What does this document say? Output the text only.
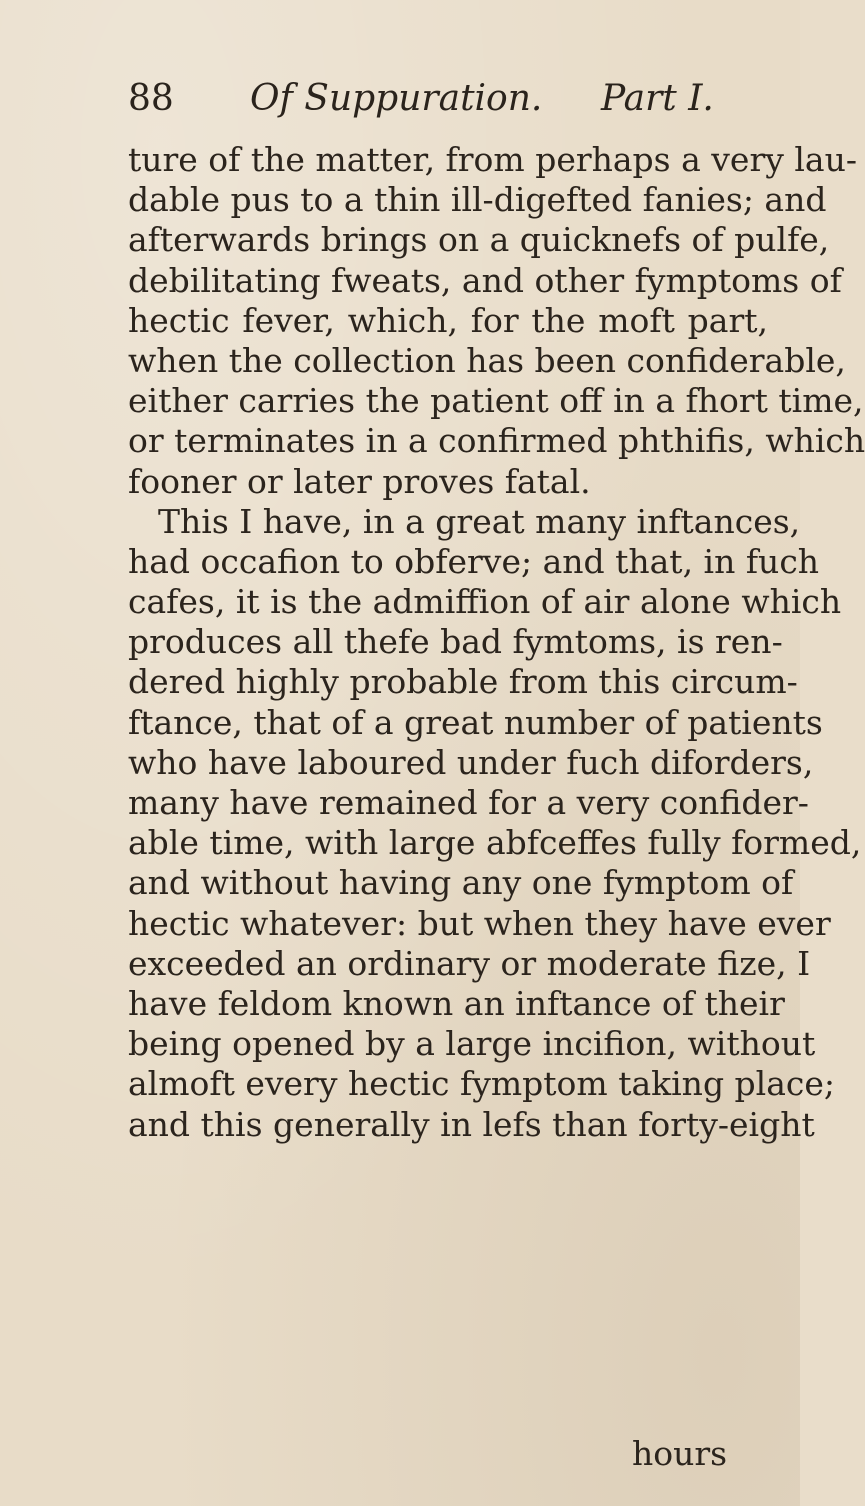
88 Of Suppuration. Part I.
ture of the matter, from perhaps a very lau-
dable pus to a thin ill-digefted fanies; and
afterwards brings on a quicknefs of pulfe,
debilitating fweats, and other fymptoms of
hectic fever, which, for the moft part,
when the collection has been confiderable,
either carries the patient off in a fhort time,
or terminates in a confirmed phthifis, which
fooner or later proves fatal.
This I have, in a great many inftances,
had occafion to obferve; and that, in fuch
cafes, it is the admiffion of air alone which
produces all thefe bad fymtoms, is ren-
dered highly probable from this circum-
ftance, that of a great number of patients
who have laboured under fuch diforders,
many have remained for a very confider-
able time, with large abfceffes fully formed,
and without having any one fymptom of
hectic whatever: but when they have ever
exceeded an ordinary or moderate fize, I
have feldom known an inftance of their
being opened by a large incifion, without
almoft every hectic fymptom taking place;
and this generally in lefs than forty-eight
hours
